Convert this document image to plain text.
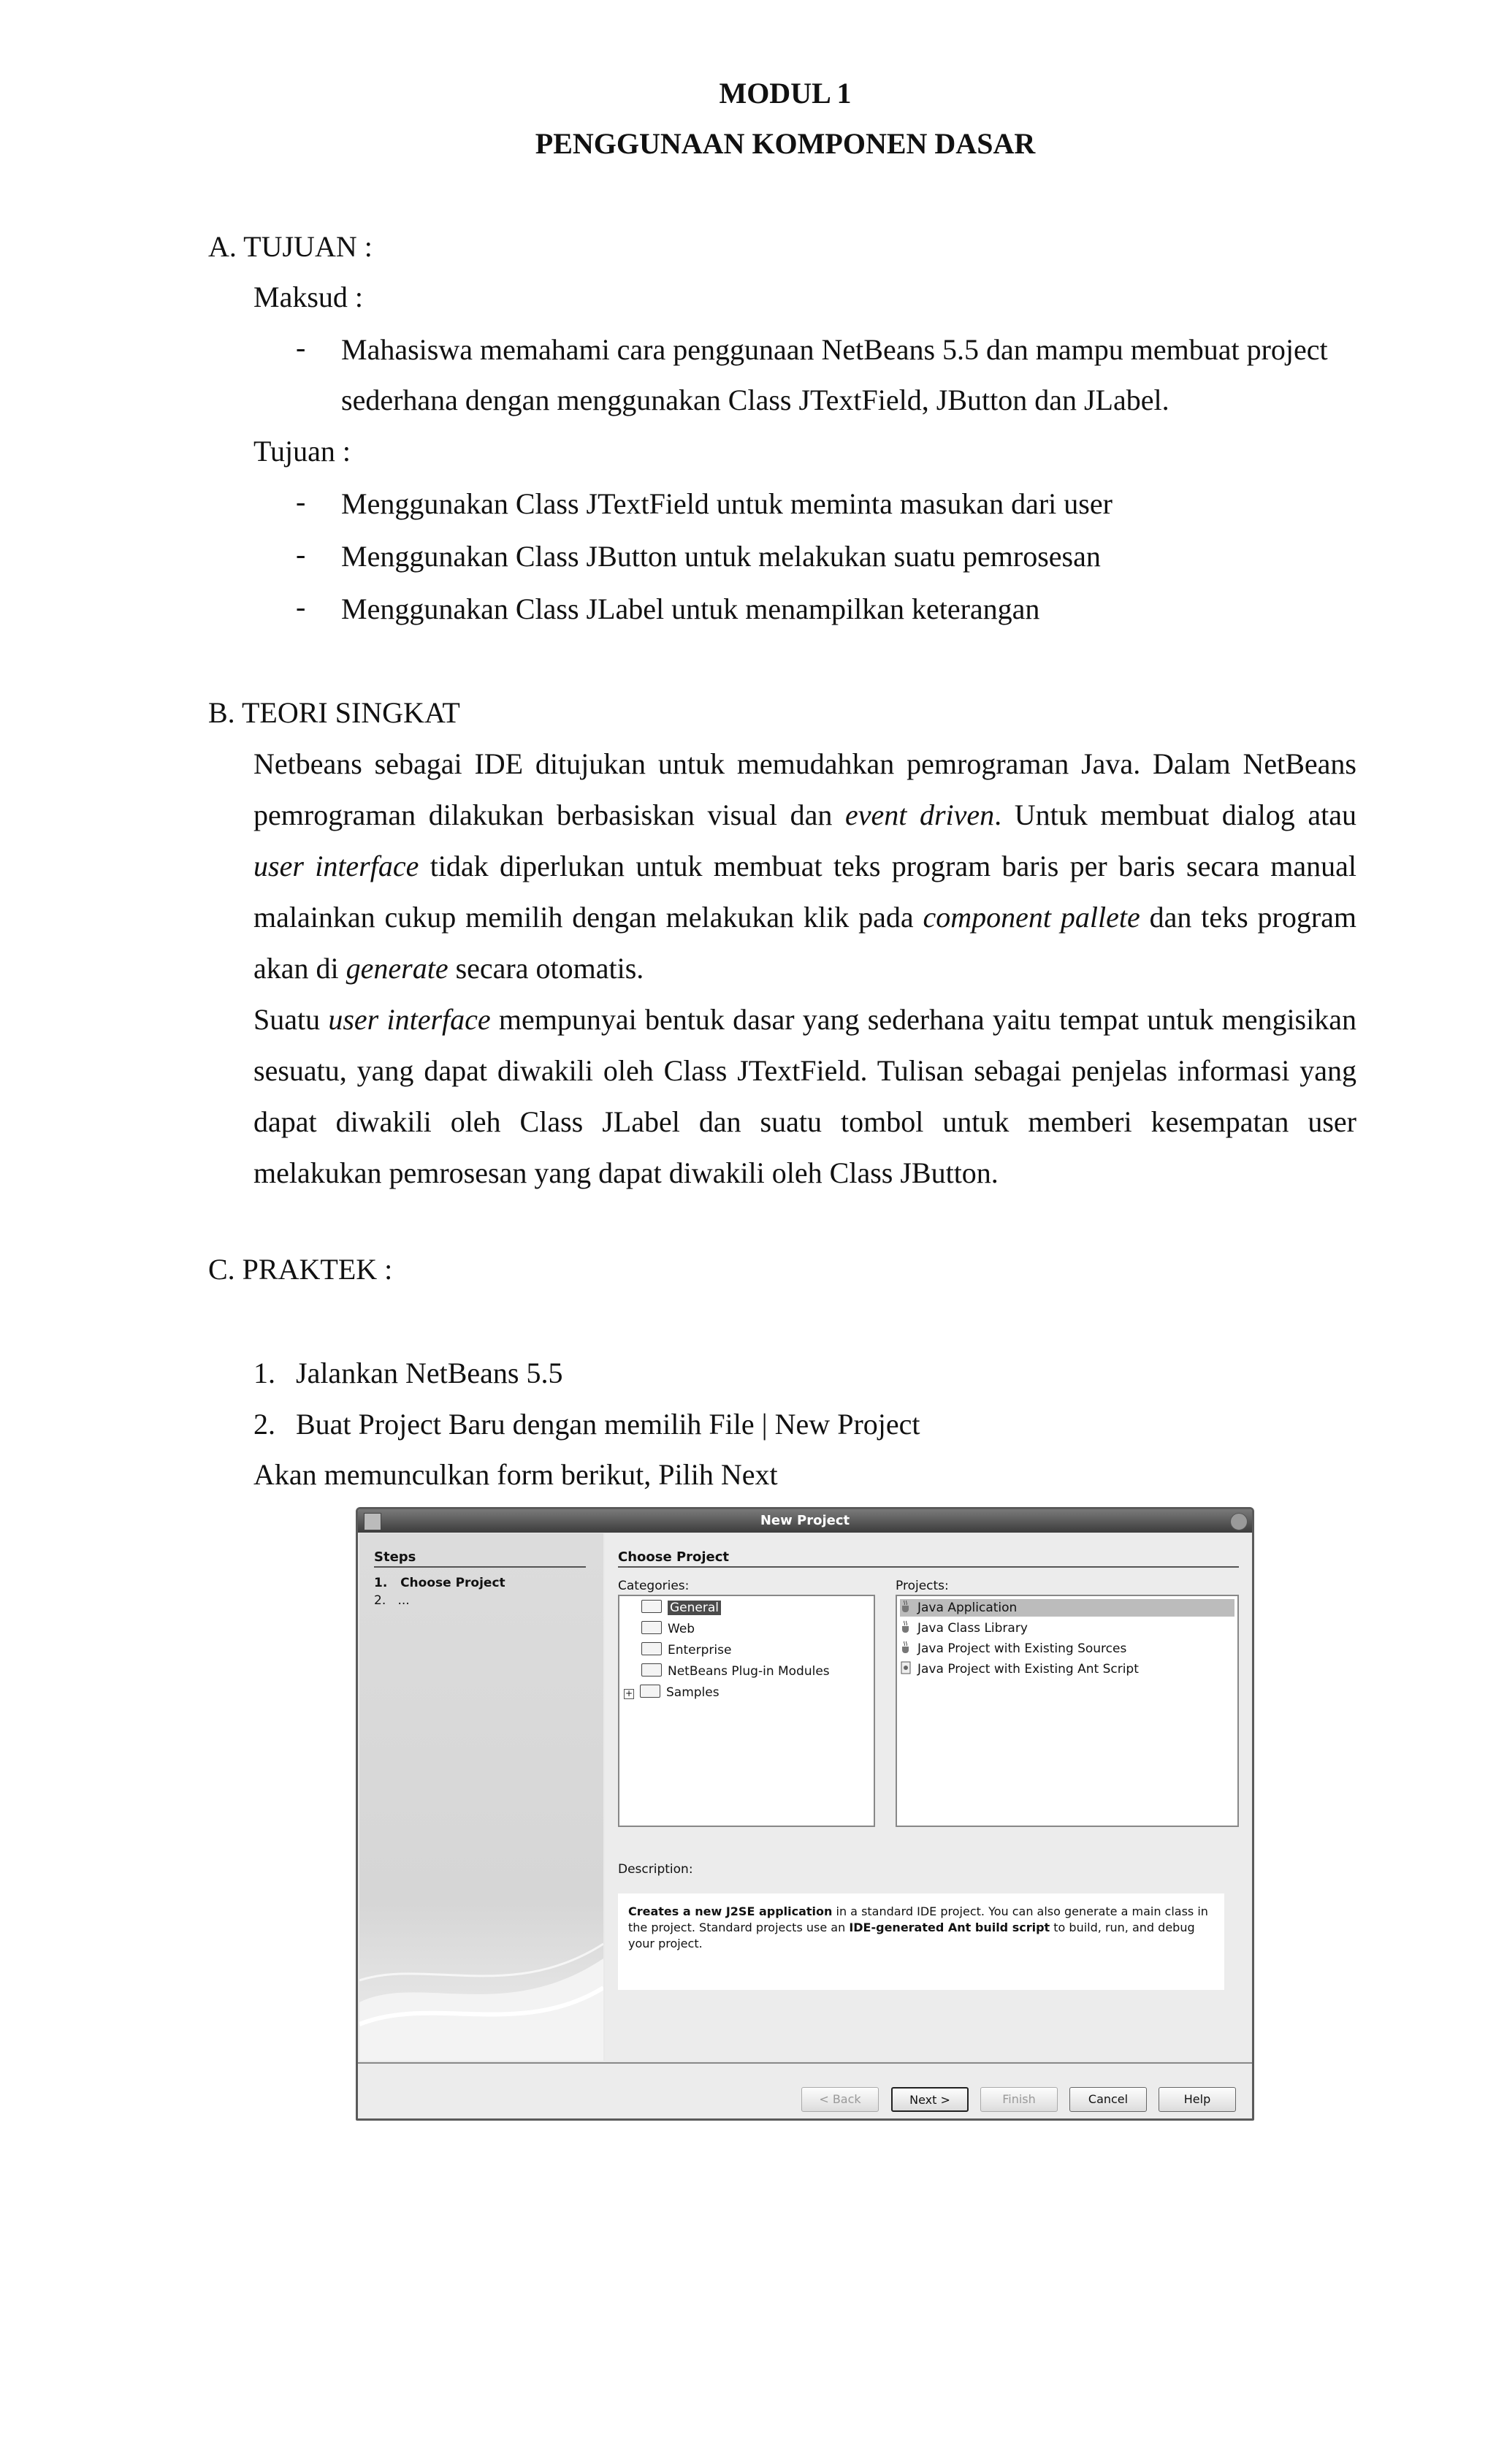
MODUL 1
PENGGUNAAN KOMPONEN DASAR
A. TUJUAN :
Maksud :
- Mahasiswa memahami cara penggunaan NetBeans 5.5 dan mampu membuat project
sederhana dengan menggunakan Class JTextField, JButton dan JLabel.
Tujuan :
- Menggunakan Class JTextField untuk meminta masukan dari user
- Menggunakan Class JButton untuk melakukan suatu pemrosesan
- Menggunakan Class JLabel untuk menampilkan keterangan
B. TEORI SINGKAT

Netbeans sebagai IDE ditujukan untuk memudahkan pemrograman Java. Dalam NetBeans pemrograman dilakukan berbasiskan visual dan event driven. Untuk membuat dialog atau user interface tidak diperlukan untuk membuat teks program baris per baris secara manual malainkan cukup memilih dengan melakukan klik pada component pallete dan teks program akan di generate secara otomatis.

Suatu user interface mempunyai bentuk dasar yang sederhana yaitu tempat untuk mengisikan sesuatu, yang dapat diwakili oleh Class JTextField. Tulisan sebagai penjelas informasi yang dapat diwakili oleh Class JLabel dan suatu tombol untuk memberi kesempatan user melakukan pemrosesan yang dapat diwakili oleh Class JButton.

C. PRAKTEK :
1. Jalankan NetBeans 5.5
2. Buat Project Baru dengan memilih File | New Project
Akan memunculkan form berikut, Pilih Next
New Project
Steps
1. Choose Project
2. ...
Choose Project
Categories:	Projects:
General
Web
Enterprise
NetBeans Plug-in Modules
+	Samples
Java Application
Java Class Library
Java Project with Existing Sources
Java Project with Existing Ant Script
Description:
Creates a new J2SE application in a standard IDE project. You can also generate a main class in the project. Standard projects use an IDE-generated Ant build script to build, run, and debug your project.
< Back	Next >	Finish	Cancel	Help
